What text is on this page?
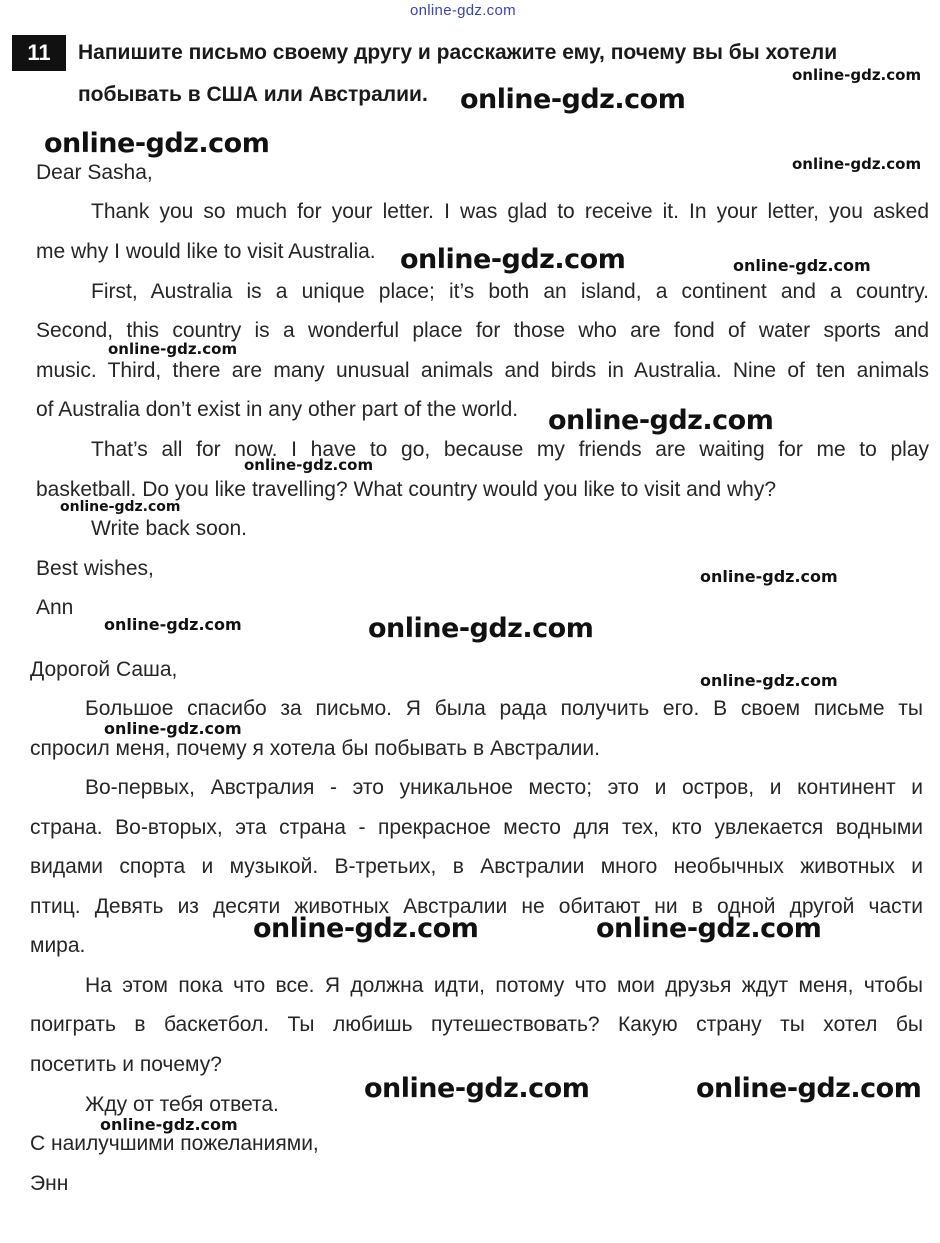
online-gdz.com
11 Напишите письмо своему другу и расскажите ему, почему вы бы хотели
побывать в США или Австралии.
Dear Sasha,
Thank you so much for your letter. I was glad to receive it. In your letter, you asked
me why I would like to visit Australia.
First, Australia is a unique place; it’s both an island, a continent and a country.
Second, this country is a wonderful place for those who are fond of water sports and
music. Third, there are many unusual animals and birds in Australia. Nine of ten animals
of Australia don’t exist in any other part of the world.
That’s all for now. I have to go, because my friends are waiting for me to play
basketball. Do you like travelling? What country would you like to visit and why?
Write back soon.
Best wishes,
Ann
Дорогой Саша,
Большое спасибо за письмо. Я была рада получить его. В своем письме ты
спросил меня, почему я хотела бы побывать в Австралии.
Во-первых, Австралия - это уникальное место; это и остров, и континент и
страна. Во-вторых, эта страна - прекрасное место для тех, кто увлекается водными
видами спорта и музыкой. В-третьих, в Австралии много необычных животных и
птиц. Девять из десяти животных Австралии не обитают ни в одной другой части
мира.
На этом пока что все. Я должна идти, потому что мои друзья ждут меня, чтобы
поиграть в баскетбол. Ты любишь путешествовать? Какую страну ты хотел бы
посетить и почему?
Жду от тебя ответа.
С наилучшими пожеланиями,
Энн
online-gdz.com
online-gdz.com
online-gdz.com
online-gdz.com
online-gdz.com
online-gdz.com	online-gdz.com
online-gdz.com	online-gdz.com
online-gdz.com
online-gdz.com
online-gdz.com
online-gdz.com
online-gdz.com
online-gdz.com
online-gdz.com
online-gdz.com
online-gdz.com
online-gdz.com
online-gdz.com
